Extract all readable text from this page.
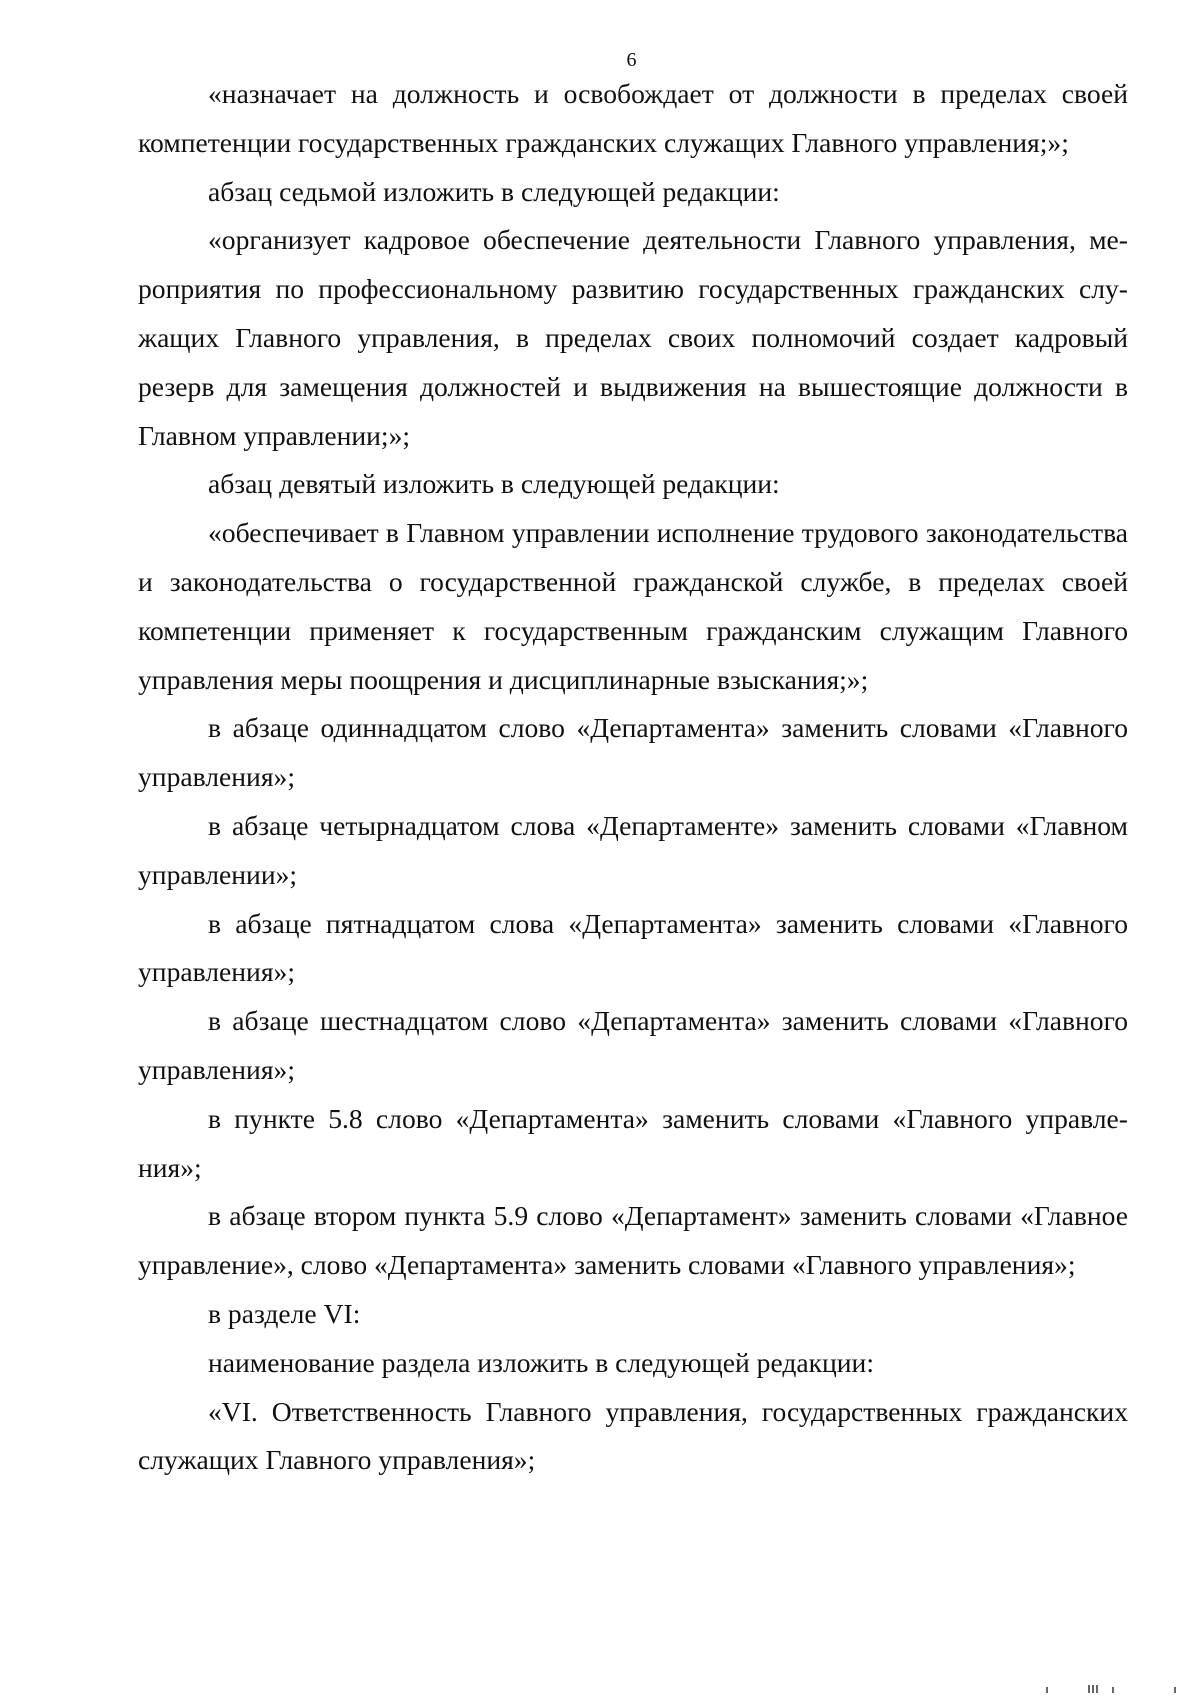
6

«назначает на должность и освобождает от должности в пределах своей компетенции государственных гражданских служащих Главного управления;»;

абзац седьмой изложить в следующей редакции:

«организует кадровое обеспечение деятельности Главного управления, мероприятия по профессиональному развитию государственных гражданских служащих Главного управления, в пределах своих полномочий создает кадровый резерв для замещения должностей и выдвижения на вышестоящие должности в Главном управлении;»;

абзац девятый изложить в следующей редакции:

«обеспечивает в Главном управлении исполнение трудового законодательства и законодательства о государственной гражданской службе, в пределах своей компетенции применяет к государственным гражданским служащим Главного управления меры поощрения и дисциплинарные взыскания;»;

в абзаце одиннадцатом слово «Департамента» заменить словами «Главного управления»;

в абзаце четырнадцатом слова «Департаменте» заменить словами «Главном управлении»;

в абзаце пятнадцатом слова «Департамента» заменить словами «Главного управления»;

в абзаце шестнадцатом слово «Департамента» заменить словами «Главного управления»;

в пункте 5.8 слово «Департамента» заменить словами «Главного управления»;

в абзаце втором пункта 5.9 слово «Департамент» заменить словами «Главное управление», слово «Департамента» заменить словами «Главного управления»;

в разделе VI:

наименование раздела изложить в следующей редакции:

«VI. Ответственность Главного управления, государственных гражданских служащих Главного управления»;
